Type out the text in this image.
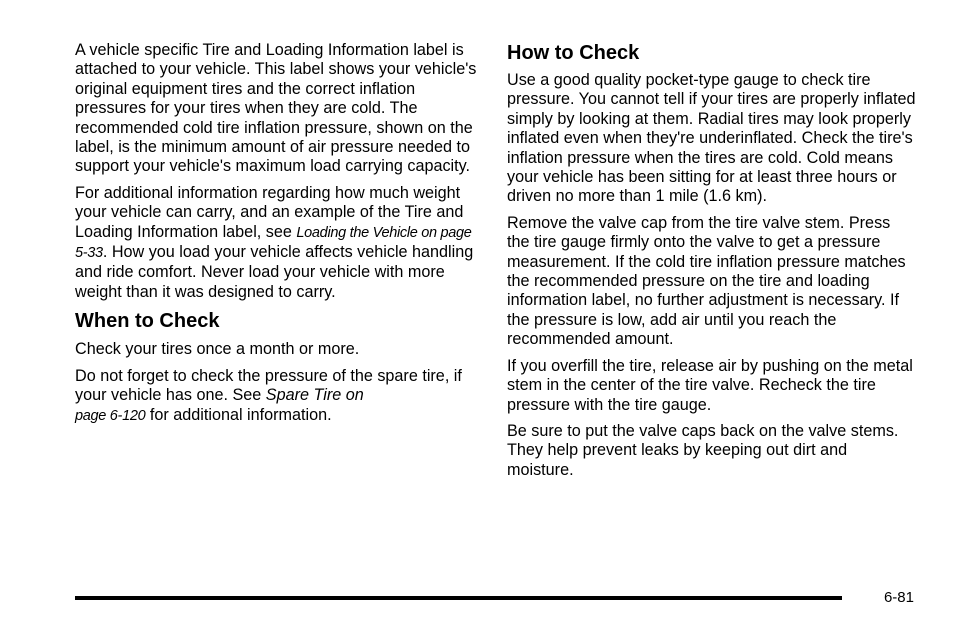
A vehicle specific Tire and Loading Information label is attached to your vehicle. This label shows your vehicle's original equipment tires and the correct inflation pressures for your tires when they are cold. The recommended cold tire inflation pressure, shown on the label, is the minimum amount of air pressure needed to support your vehicle's maximum load carrying capacity.

For additional information regarding how much weight your vehicle can carry, and an example of the Tire and Loading Information label, see Loading the Vehicle on page 5-33. How you load your vehicle affects vehicle handling and ride comfort. Never load your vehicle with more weight than it was designed to carry.

When to Check

Check your tires once a month or more.

Do not forget to check the pressure of the spare tire, if your vehicle has one. See Spare Tire on
page 6-120 for additional information.

How to Check

Use a good quality pocket-type gauge to check tire pressure. You cannot tell if your tires are properly inflated simply by looking at them. Radial tires may look properly inflated even when they're underinflated. Check the tire's inflation pressure when the tires are cold. Cold means your vehicle has been sitting for at least three hours or driven no more than 1 mile (1.6 km).

Remove the valve cap from the tire valve stem. Press the tire gauge firmly onto the valve to get a pressure measurement. If the cold tire inflation pressure matches the recommended pressure on the tire and loading information label, no further adjustment is necessary. If the pressure is low, add air until you reach the recommended amount.

If you overfill the tire, release air by pushing on the metal stem in the center of the tire valve. Recheck the tire pressure with the tire gauge.

Be sure to put the valve caps back on the valve stems. They help prevent leaks by keeping out dirt and moisture.

6-81
